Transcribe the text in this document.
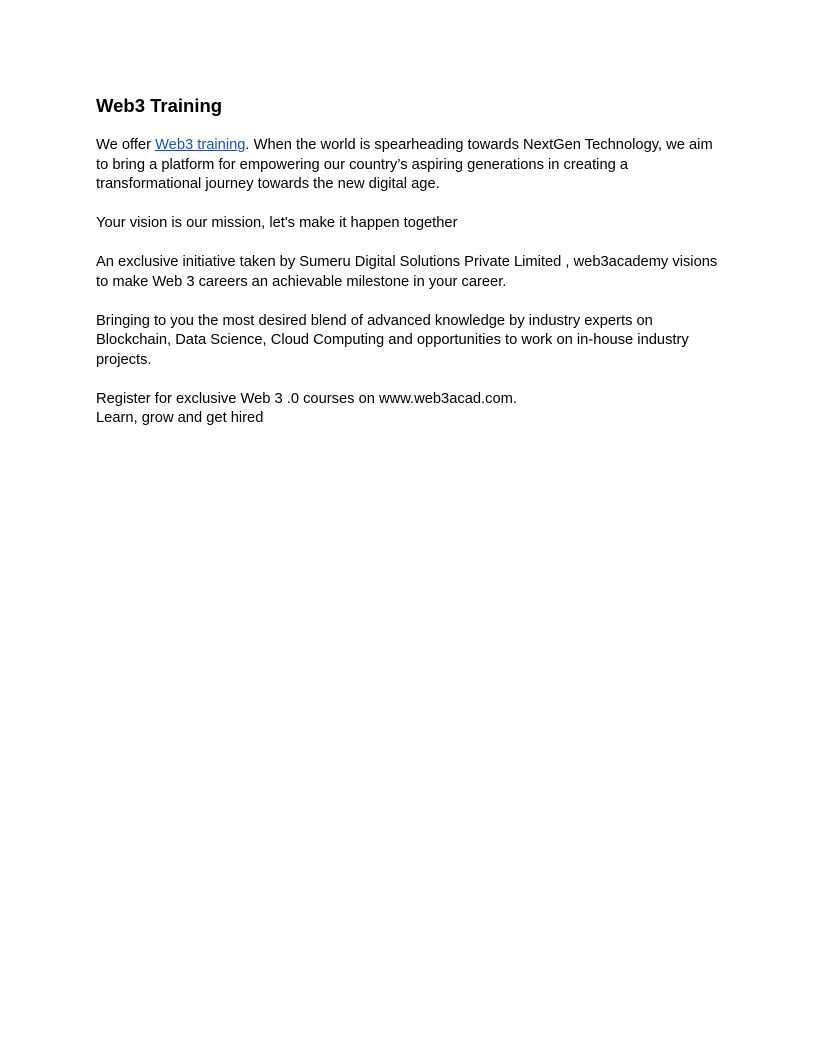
Web3 Training

We offer Web3 training. When the world is spearheading towards NextGen Technology, we aim to bring a platform for empowering our country’s aspiring generations in creating a transformational journey towards the new digital age.

Your vision is our mission, let's make it happen together

An exclusive initiative taken by Sumeru Digital Solutions Private Limited , web3academy visions to make Web 3 careers an achievable milestone in your career.

Bringing to you the most desired blend of advanced knowledge by industry experts on Blockchain, Data Science, Cloud Computing and opportunities to work on in-house industry projects.

Register for exclusive Web 3 .0 courses on www.web3acad.com.

Learn, grow and get hired
